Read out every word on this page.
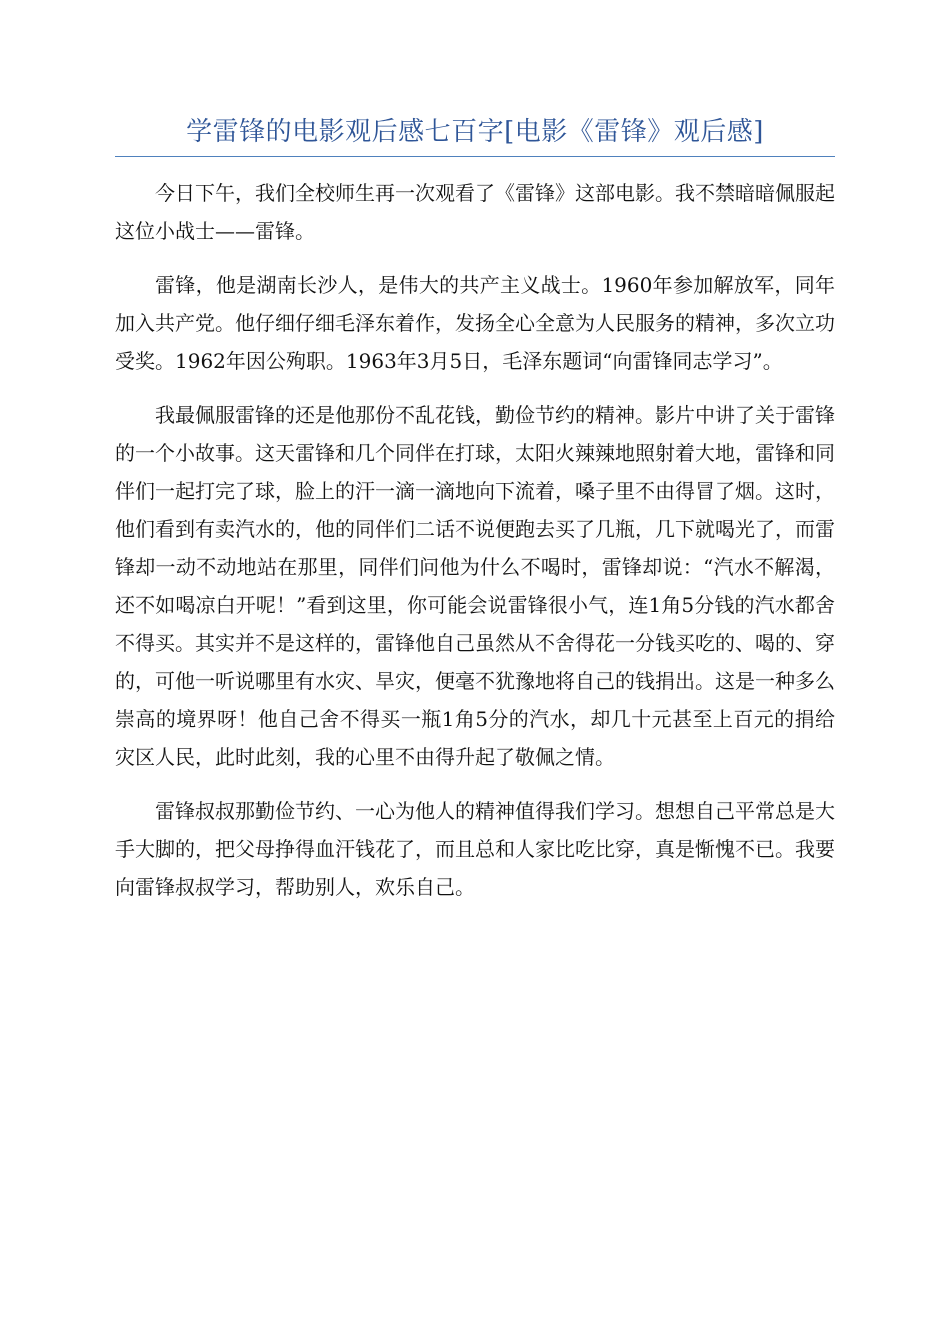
学雷锋的电影观后感七百字[电影《雷锋》观后感]

今日下午，我们全校师生再一次观看了《雷锋》这部电影。我不禁暗暗佩服起这位小战士——雷锋。

雷锋，他是湖南长沙人，是伟大的共产主义战士。1960年参加解放军，同年加入共产党。他仔细仔细毛泽东着作，发扬全心全意为人民服务的精神，多次立功受奖。1962年因公殉职。1963年3月5日，毛泽东题词“向雷锋同志学习”。

我最佩服雷锋的还是他那份不乱花钱，勤俭节约的精神。影片中讲了关于雷锋的一个小故事。这天雷锋和几个同伴在打球，太阳火辣辣地照射着大地，雷锋和同伴们一起打完了球，脸上的汗一滴一滴地向下流着，嗓子里不由得冒了烟。这时，他们看到有卖汽水的，他的同伴们二话不说便跑去买了几瓶，几下就喝光了，而雷锋却一动不动地站在那里，同伴们问他为什么不喝时，雷锋却说：“汽水不解渴，还不如喝凉白开呢！”看到这里，你可能会说雷锋很小气，连1角5分钱的汽水都舍不得买。其实并不是这样的，雷锋他自己虽然从不舍得花一分钱买吃的、喝的、穿的，可他一听说哪里有水灾、旱灾，便毫不犹豫地将自己的钱捐出。这是一种多么崇高的境界呀！他自己舍不得买一瓶1角5分的汽水，却几十元甚至上百元的捐给灾区人民，此时此刻，我的心里不由得升起了敬佩之情。

雷锋叔叔那勤俭节约、一心为他人的精神值得我们学习。想想自己平常总是大手大脚的，把父母挣得血汗钱花了，而且总和人家比吃比穿，真是惭愧不已。我要向雷锋叔叔学习，帮助别人，欢乐自己。
